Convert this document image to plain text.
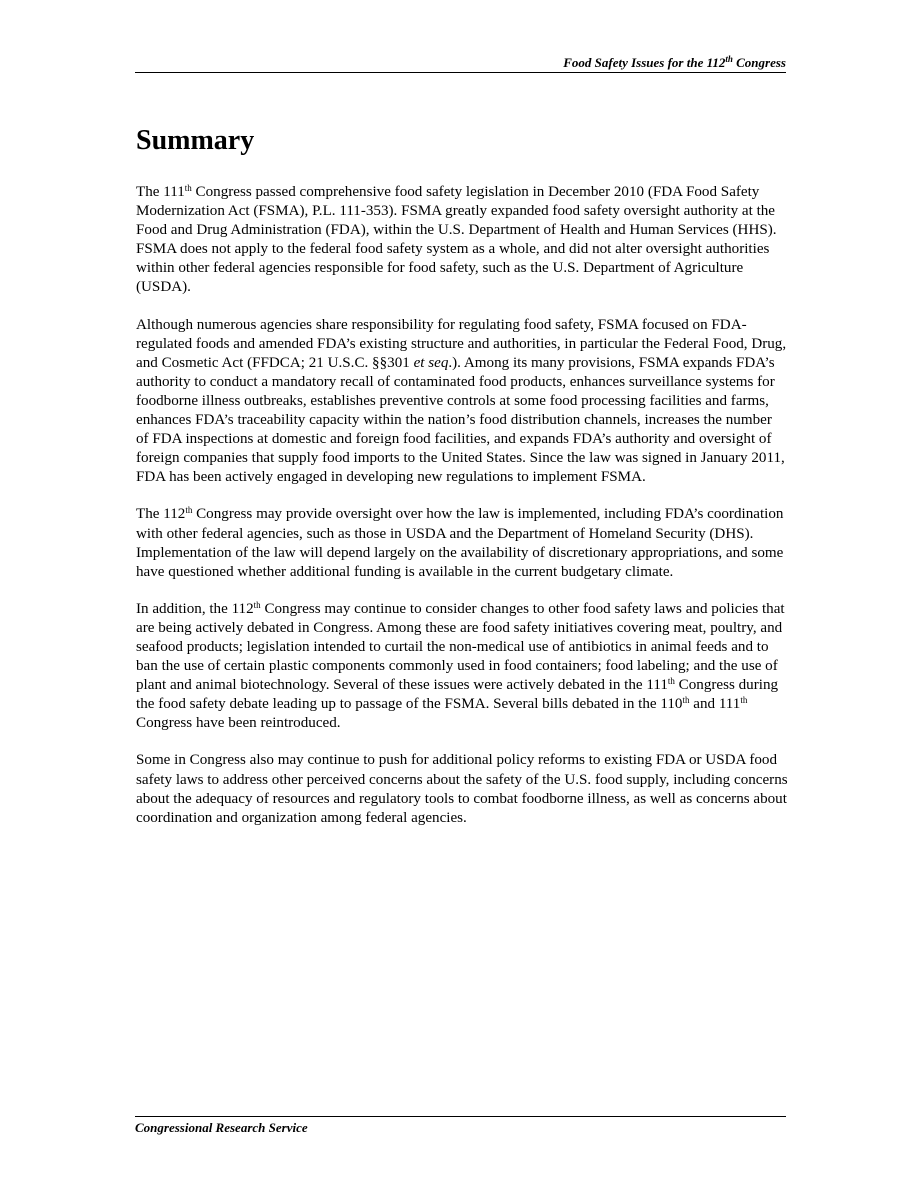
Food Safety Issues for the 112th Congress
Summary

The 111th Congress passed comprehensive food safety legislation in December 2010 (FDA Food Safety Modernization Act (FSMA), P.L. 111-353). FSMA greatly expanded food safety oversight authority at the Food and Drug Administration (FDA), within the U.S. Department of Health and Human Services (HHS). FSMA does not apply to the federal food safety system as a whole, and did not alter oversight authorities within other federal agencies responsible for food safety, such as the U.S. Department of Agriculture (USDA).

Although numerous agencies share responsibility for regulating food safety, FSMA focused on FDA-regulated foods and amended FDA’s existing structure and authorities, in particular the Federal Food, Drug, and Cosmetic Act (FFDCA; 21 U.S.C. §§301 et seq.). Among its many provisions, FSMA expands FDA’s authority to conduct a mandatory recall of contaminated food products, enhances surveillance systems for foodborne illness outbreaks, establishes preventive controls at some food processing facilities and farms, enhances FDA’s traceability capacity within the nation’s food distribution channels, increases the number of FDA inspections at domestic and foreign food facilities, and expands FDA’s authority and oversight of foreign companies that supply food imports to the United States. Since the law was signed in January 2011, FDA has been actively engaged in developing new regulations to implement FSMA.

The 112th Congress may provide oversight over how the law is implemented, including FDA’s coordination with other federal agencies, such as those in USDA and the Department of Homeland Security (DHS). Implementation of the law will depend largely on the availability of discretionary appropriations, and some have questioned whether additional funding is available in the current budgetary climate.

In addition, the 112th Congress may continue to consider changes to other food safety laws and policies that are being actively debated in Congress. Among these are food safety initiatives covering meat, poultry, and seafood products; legislation intended to curtail the non-medical use of antibiotics in animal feeds and to ban the use of certain plastic components commonly used in food containers; food labeling; and the use of plant and animal biotechnology. Several of these issues were actively debated in the 111th Congress during the food safety debate leading up to passage of the FSMA. Several bills debated in the 110th and 111th Congress have been reintroduced.

Some in Congress also may continue to push for additional policy reforms to existing FDA or USDA food safety laws to address other perceived concerns about the safety of the U.S. food supply, including concerns about the adequacy of resources and regulatory tools to combat foodborne illness, as well as concerns about coordination and organization among federal agencies.

Congressional Research Service
